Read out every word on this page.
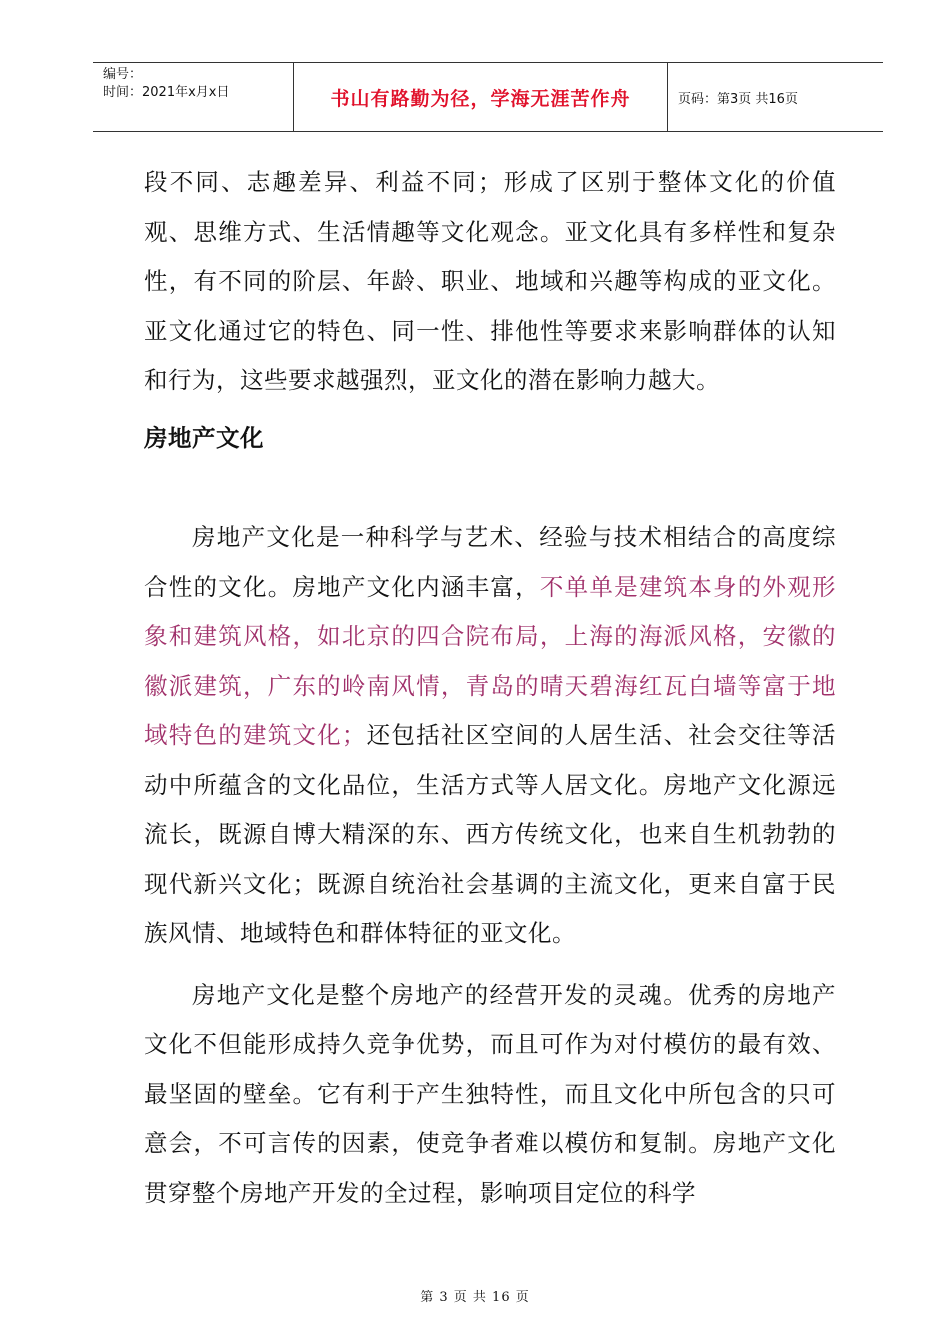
编号：
时间：2021年x月x日	书山有路勤为径，学海无涯苦作舟	页码：第3页 共16页

段不同、志趣差异、利益不同；形成了区别于整体文化的价值观、思维方式、生活情趣等文化观念。亚文化具有多样性和复杂性，有不同的阶层、年龄、职业、地域和兴趣等构成的亚文化。亚文化通过它的特色、同一性、排他性等要求来影响群体的认知和行为，这些要求越强烈，亚文化的潜在影响力越大。

房地产文化

房地产文化是一种科学与艺术、经验与技术相结合的高度综合性的文化。房地产文化内涵丰富，不单单是建筑本身的外观形象和建筑风格，如北京的四合院布局，上海的海派风格，安徽的徽派建筑，广东的岭南风情，青岛的晴天碧海红瓦白墙等富于地域特色的建筑文化；还包括社区空间的人居生活、社会交往等活动中所蕴含的文化品位，生活方式等人居文化。房地产文化源远流长，既源自博大精深的东、西方传统文化，也来自生机勃勃的现代新兴文化；既源自统治社会基调的主流文化，更来自富于民族风情、地域特色和群体特征的亚文化。

房地产文化是整个房地产的经营开发的灵魂。优秀的房地产文化不但能形成持久竞争优势，而且可作为对付模仿的最有效、最坚固的壁垒。它有利于产生独特性，而且文化中所包含的只可意会，不可言传的因素，使竞争者难以模仿和复制。房地产文化贯穿整个房地产开发的全过程，影响项目定位的科学

第 3 页 共 16 页
